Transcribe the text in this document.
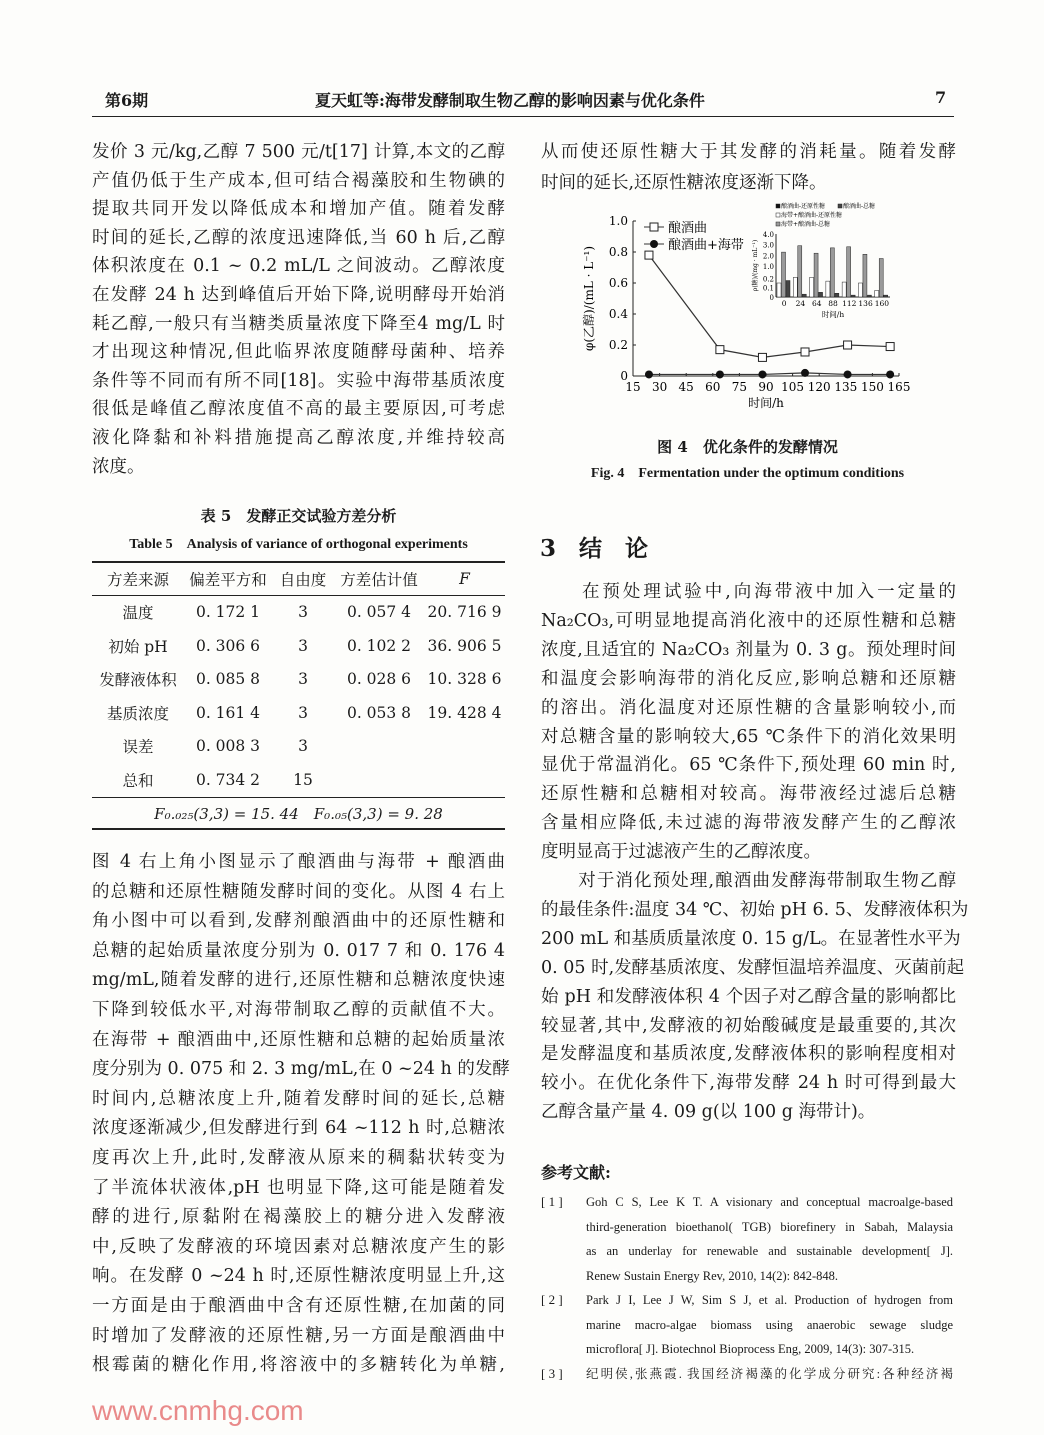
第6期	夏天虹等:海带发酵制取生物乙醇的影响因素与优化条件	7
发价 3 元/kg,乙醇 7 500 元/t[17] 计算,本文的乙醇
产值仍低于生产成本,但可结合褐藻胶和生物碘的
提取共同开发以降低成本和增加产值。随着发酵
时间的延长,乙醇的浓度迅速降低,当 60 h 后,乙醇
体积浓度在 0.1 ~ 0.2 mL/L 之间波动。乙醇浓度
在发酵 24 h 达到峰值后开始下降,说明酵母开始消
耗乙醇,一般只有当糖类质量浓度下降至4 mg/L 时
才出现这种情况,但此临界浓度随酵母菌种、培养
条件等不同而有所不同[18]。实验中海带基质浓度
很低是峰值乙醇浓度值不高的最主要原因,可考虑
液化降黏和补料措施提高乙醇浓度,并维持较高
浓度。
表 5　发酵正交试验方差分析
Table 5　Analysis of variance of orthogonal experiments
方差来源	偏差平方和	自由度	方差估计值	F
温度	0. 172 1	3	0. 057 4	20. 716 9
初始 pH	0. 306 6	3	0. 102 2	36. 906 5
发酵液体积	0. 085 8	3	0. 028 6	10. 328 6
基质浓度	0. 161 4	3	0. 053 8	19. 428 4
误差	0. 008 3	3		
总和	0. 734 2	15		
F₀.₀₂₅(3,3) = 15. 44　F₀.₀₅(3,3) = 9. 28
图 4 右上角小图显示了酿酒曲与海带 + 酿酒曲
的总糖和还原性糖随发酵时间的变化。从图 4 右上
角小图中可以看到,发酵剂酿酒曲中的还原性糖和
总糖的起始质量浓度分别为 0. 017 7 和 0. 176 4
mg/mL,随着发酵的进行,还原性糖和总糖浓度快速
下降到较低水平,对海带制取乙醇的贡献值不大。
在海带 + 酿酒曲中,还原性糖和总糖的起始质量浓
度分别为 0. 075 和 2. 3 mg/mL,在 0 ~24 h 的发酵
时间内,总糖浓度上升,随着发酵时间的延长,总糖
浓度逐渐减少,但发酵进行到 64 ~112 h 时,总糖浓
度再次上升,此时,发酵液从原来的稠黏状转变为
了半流体状液体,pH 也明显下降,这可能是随着发
酵的进行,原黏附在褐藻胶上的糖分进入发酵液
中,反映了发酵液的环境因素对总糖浓度产生的影
响。在发酵 0 ~24 h 时,还原性糖浓度明显上升,这
一方面是由于酿酒曲中含有还原性糖,在加菌的同
时增加了发酵液的还原性糖,另一方面是酿酒曲中
根霉菌的糖化作用,将溶液中的多糖转化为单糖,
从而使还原性糖大于其发酵的消耗量。随着发酵
时间的延长,还原性糖浓度逐渐下降。
15 30 45 60 75 90 105 120 135 150 165
0
0.2
0.4
0.6
0.8
1.0
时间/h
φ(乙醇)/(mL · L⁻¹)
酿酒曲
酿酒曲+海带
0
0.1
0.2
1.0
2.0
3.0
4.0
0 24 64 88 112 136 160
时间/h
ρ(糖)/(mg · mL⁻¹)
酿酒曲-还原性糖	酿酒曲-总糖
海带+酿酒曲-还原性糖
海带+酿酒曲-总糖
图 4　优化条件的发酵情况
Fig. 4　Fermentation under the optimum conditions
3　结　论
　　在预处理试验中,向海带液中加入一定量的
Na₂CO₃,可明显地提高消化液中的还原性糖和总糖
浓度,且适宜的 Na₂CO₃ 剂量为 0. 3 g。预处理时间
和温度会影响海带的消化反应,影响总糖和还原糖
的溶出。消化温度对还原性糖的含量影响较小,而
对总糖含量的影响较大,65 ℃条件下的消化效果明
显优于常温消化。65 ℃条件下,预处理 60 min 时,
还原性糖和总糖相对较高。海带液经过滤后总糖
含量相应降低,未过滤的海带液发酵产生的乙醇浓
度明显高于过滤液产生的乙醇浓度。
　　对于消化预处理,酿酒曲发酵海带制取生物乙醇
的最佳条件:温度 34 ℃、初始 pH 6. 5、发酵液体积为
200 mL 和基质质量浓度 0. 15 g/L。在显著性水平为
0. 05 时,发酵基质浓度、发酵恒温培养温度、灭菌前起
始 pH 和发酵液体积 4 个因子对乙醇含量的影响都比
较显著,其中,发酵液的初始酸碱度是最重要的,其次
是发酵温度和基质浓度,发酵液体积的影响程度相对
较小。在优化条件下,海带发酵 24 h 时可得到最大
乙醇含量产量 4. 09 g(以 100 g 海带计)。
参考文献:
[ 1 ] Goh C S, Lee K T. A visionary and conceptual macroalge-based
third-generation bioethanol( TGB) biorefinery in Sabah, Malaysia
as an underlay for renewable and sustainable development[ J].
Renew Sustain Energy Rev, 2010, 14(2): 842-848.
[ 2 ] Park J I, Lee J W, Sim S J, et al. Production of hydrogen from
marine macro-algae biomass using anaerobic sewage sludge
microflora[ J]. Biotechnol Bioprocess Eng, 2009, 14(3): 307-315.
[ 3 ] 纪明侯,张燕霞. 我国经济褐藻的化学成分研究:各种经济褐
www.cnmhg.com
